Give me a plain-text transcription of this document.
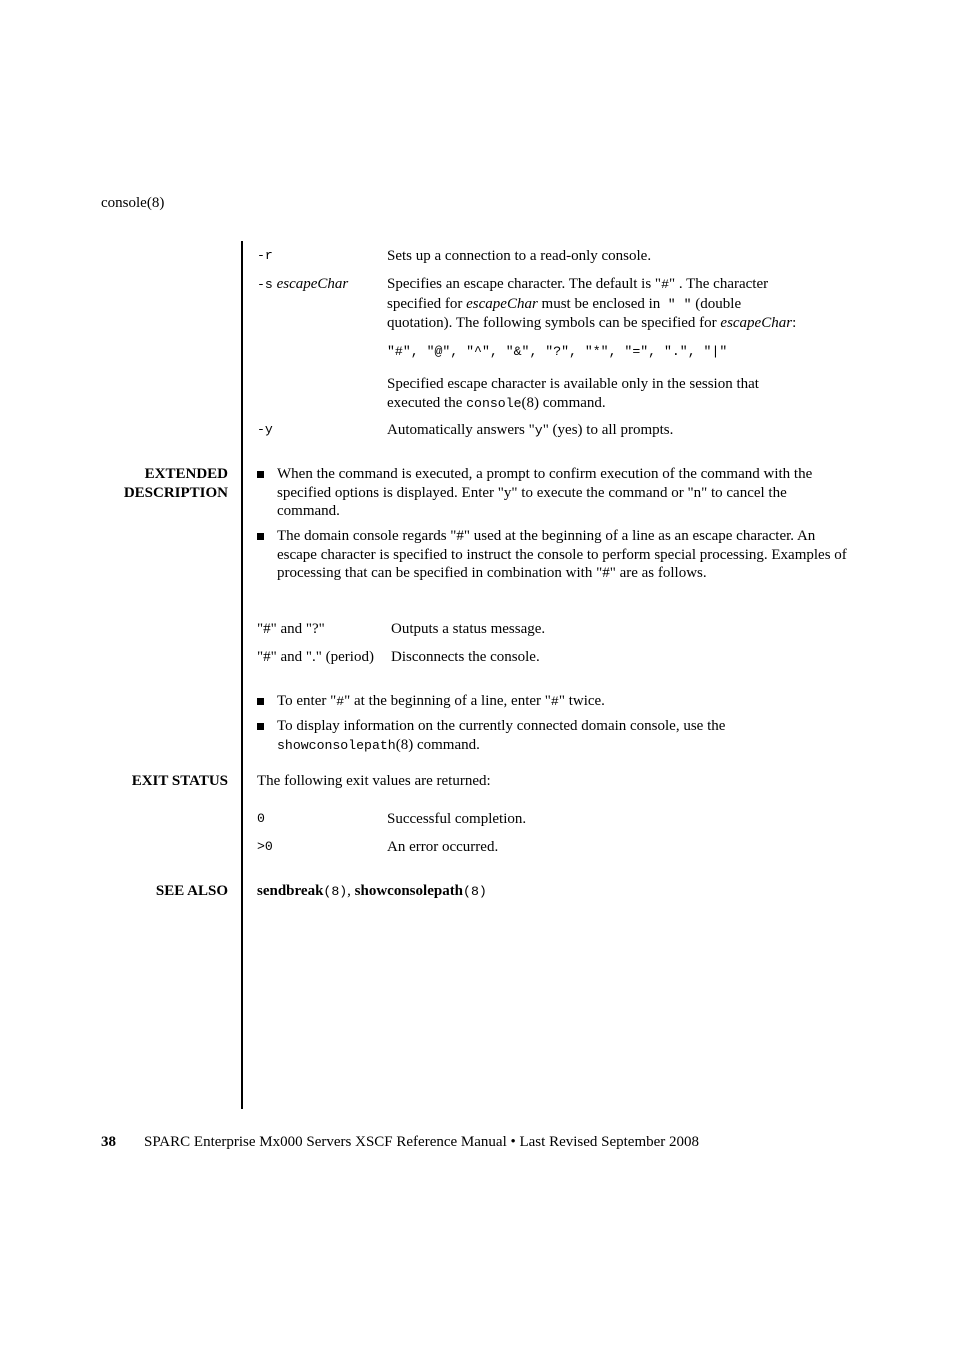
console(8)
-r	Sets up a connection to a read-only console.
-s escapeChar	Specifies an escape character. The default is "#" . The character
specified for escapeChar must be enclosed in  " " (double
quotation). The following symbols can be specified for escapeChar:
"#", "@", "^", "&", "?", "*", "=", ".", "|"
Specified escape character is available only in the session that
executed the console(8) command.
-y	Automatically answers "y" (yes) to all prompts.
EXTENDED
DESCRIPTION
When the command is executed, a prompt to confirm execution of the command with the specified options is displayed. Enter "y" to execute the command or "n" to cancel the command.
The domain console regards "#" used at the beginning of a line as an escape character. An escape character is specified to instruct the console to perform special processing. Examples of processing that can be specified in combination with "#" are as follows.
"#" and "?"	Outputs a status message.
"#" and "." (period) Disconnects the console.
To enter "#" at the beginning of a line, enter "#" twice.
To display information on the currently connected domain console, use the
showconsolepath(8) command.
EXIT STATUS The following exit values are returned:
0	Successful completion.
>0	An error occurred.
SEE ALSO sendbreak(8), showconsolepath(8)
38 SPARC Enterprise Mx000 Servers XSCF Reference Manual • Last Revised September 2008
